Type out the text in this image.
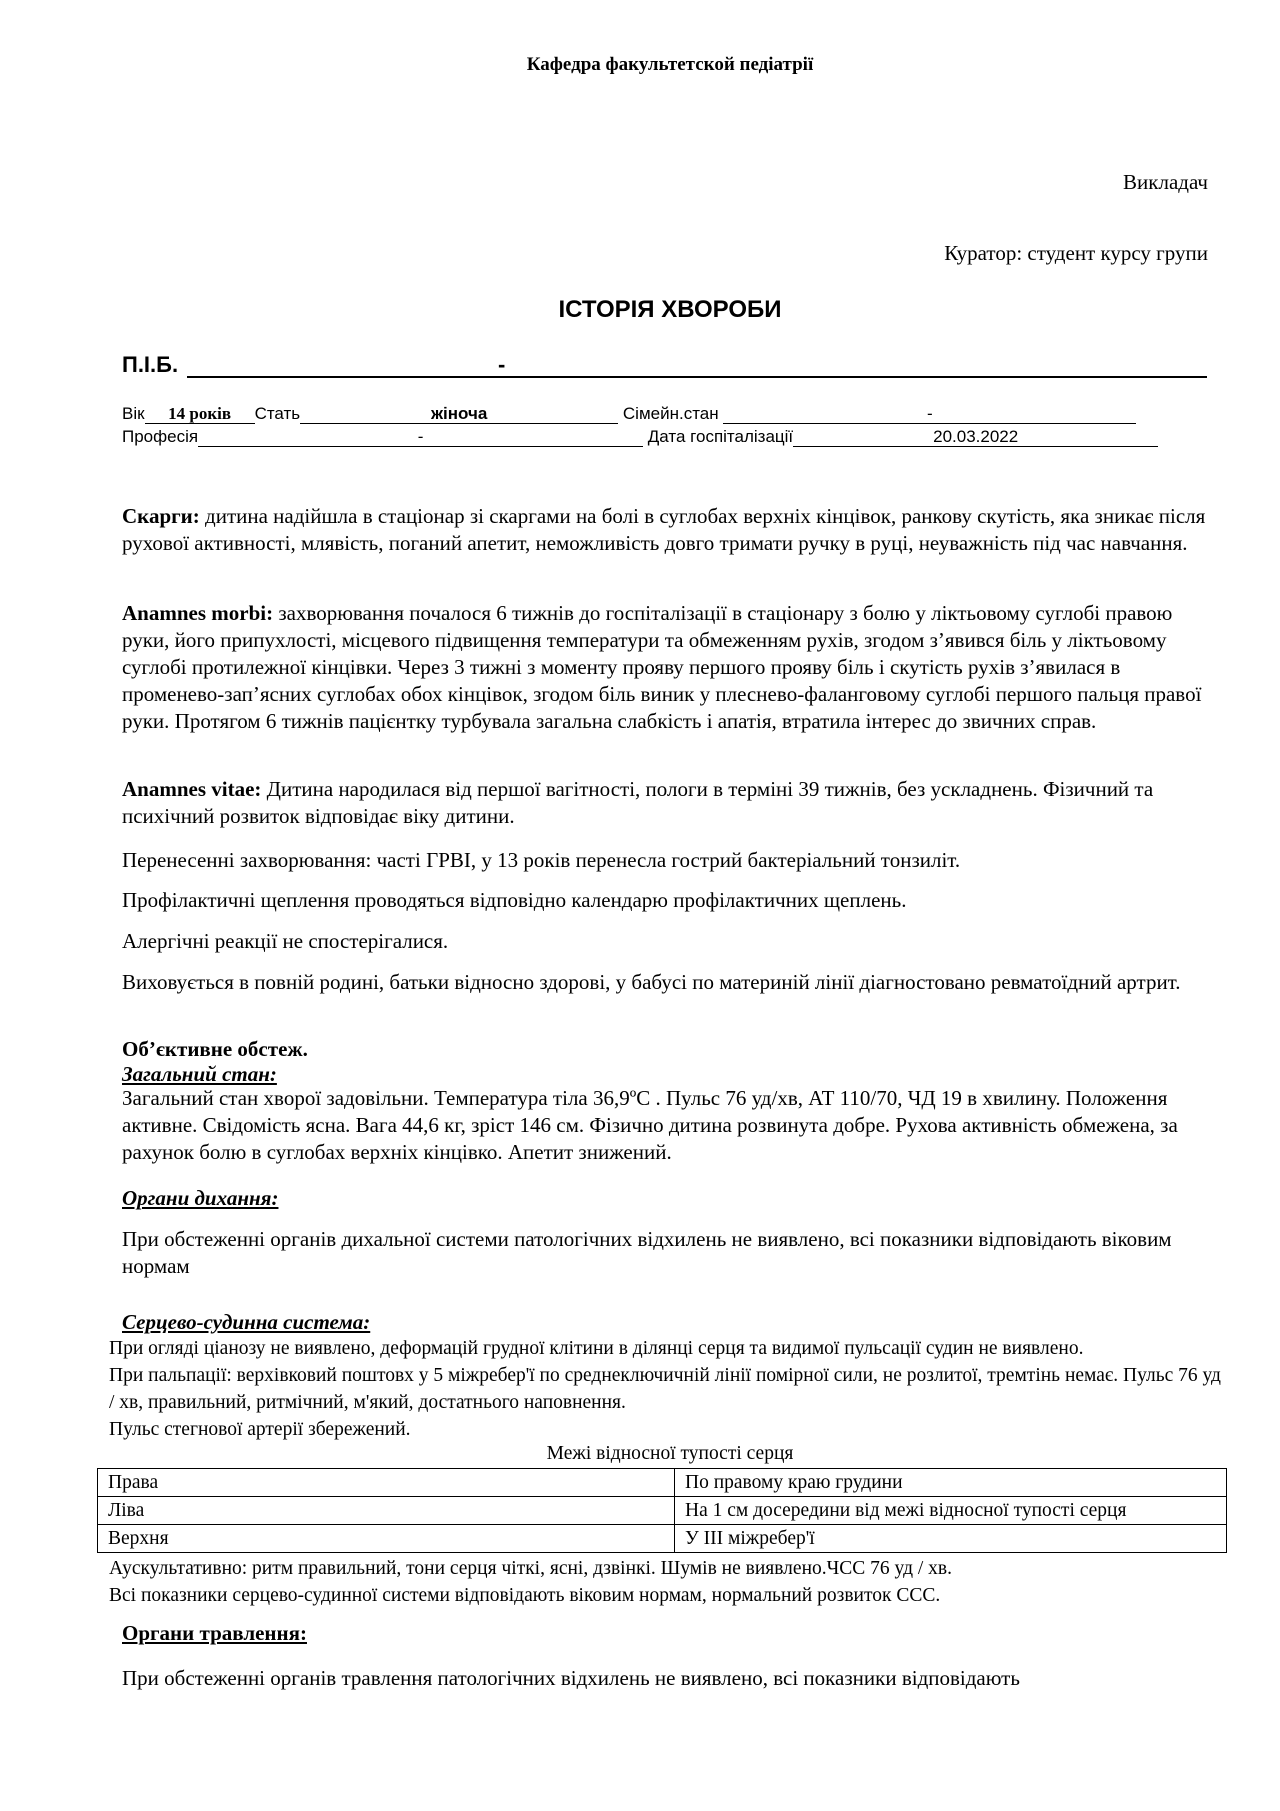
Кафедра факультетской педіатрії
Викладач
Куратор: студент курсу групи
ІСТОРІЯ ХВОРОБИ
П.І.Б.	-
Вік 14 років Стать	жіноча	Сімейн.стан	-
Професія	-	Дата госпіталізації	20.03.2022

Скарги: дитина надійшла в стаціонар зі скаргами на болі в суглобах верхніх кінцівок, ранкову скутість, яка зникає після рухової активності, млявість, поганий апетит, неможливість довго тримати ручку в руці, неуважність під час навчання.

Anamnes morbi: захворювання почалося 6 тижнів до госпіталізації в стаціонару з болю у ліктьовому суглобі правою руки, його припухлості, місцевого підвищення температури та обмеженням рухів, згодом з’явився біль у ліктьовому суглобі протилежної кінцівки. Через 3 тижні з моменту прояву першого прояву біль і скутість рухів з’явилася в променево-зап’ясних суглобах обох кінцівок, згодом біль виник у плесневo-фаланговому суглобі першого пальця правої руки. Протягом 6 тижнів пацієнтку турбувала загальна слабкість і апатія, втратила інтерес до звичних справ.

Anamnes vitae: Дитина народилася від першої вагітності, пологи в терміні 39 тижнів, без ускладнень. Фізичний та психічний розвиток відповідає віку дитини.

Перенесенні захворювання: часті ГРВІ, у 13 років перенесла гострий бактеріальний тонзиліт.
Профілактичні щеплення проводяться відповідно календарю профілактичних щеплень.
Алергічні реакції не спостерігалися.
Виховується в повній родині, батьки відносно здорові, у бабусі по материній лінії діагностовано ревматоїдний артрит.

Об’єктивне обстеж.

Загальний стан:

Загальний стан хворої задовільни. Температура тіла 36,9ºС . Пульс 76 уд/хв, АТ 110/70, ЧД 19 в хвилину. Положення активне. Свідомість ясна. Вага 44,6 кг, зріст 146 см. Фізично дитина розвинута добре. Рухова активність обмежена, за рахунок болю в суглобах верхніх кінцівко. Апетит знижений.

Органи дихання:
При обстеженні органів дихальної системи патологічних відхилень не виявлено, всі показники відповідають віковим нормам
Серцево-судинна система:

При огляді ціанозу не виявлено, деформацій грудної клітини в ділянці серця та видимої пульсації судин не виявлено.

При пальпації: верхівковий поштовх у 5 міжребер'ї по среднеключичній лінії помірної сили, не розлитої, тремтінь немає. Пульс 76 уд / хв, правильний, ритмічний, м'який, достатнього наповнення.

Пульс стегнової артерії збережений.

Межі відносної тупості серця
Права	По правому краю грудини
Ліва	На 1 см досередини від межі відносної тупості серця
Верхня	У III міжребер'ї

Аускультативно: ритм правильний, тони серця чіткі, ясні, дзвінкі. Шумів не виявлено.ЧСС 76 уд / хв.

Всі показники серцево-судинної системи відповідають віковим нормам, нормальний розвиток ССС.

Органи травлення:
При обстеженні органів травлення патологічних відхилень не виявлено, всі показники відповідають
